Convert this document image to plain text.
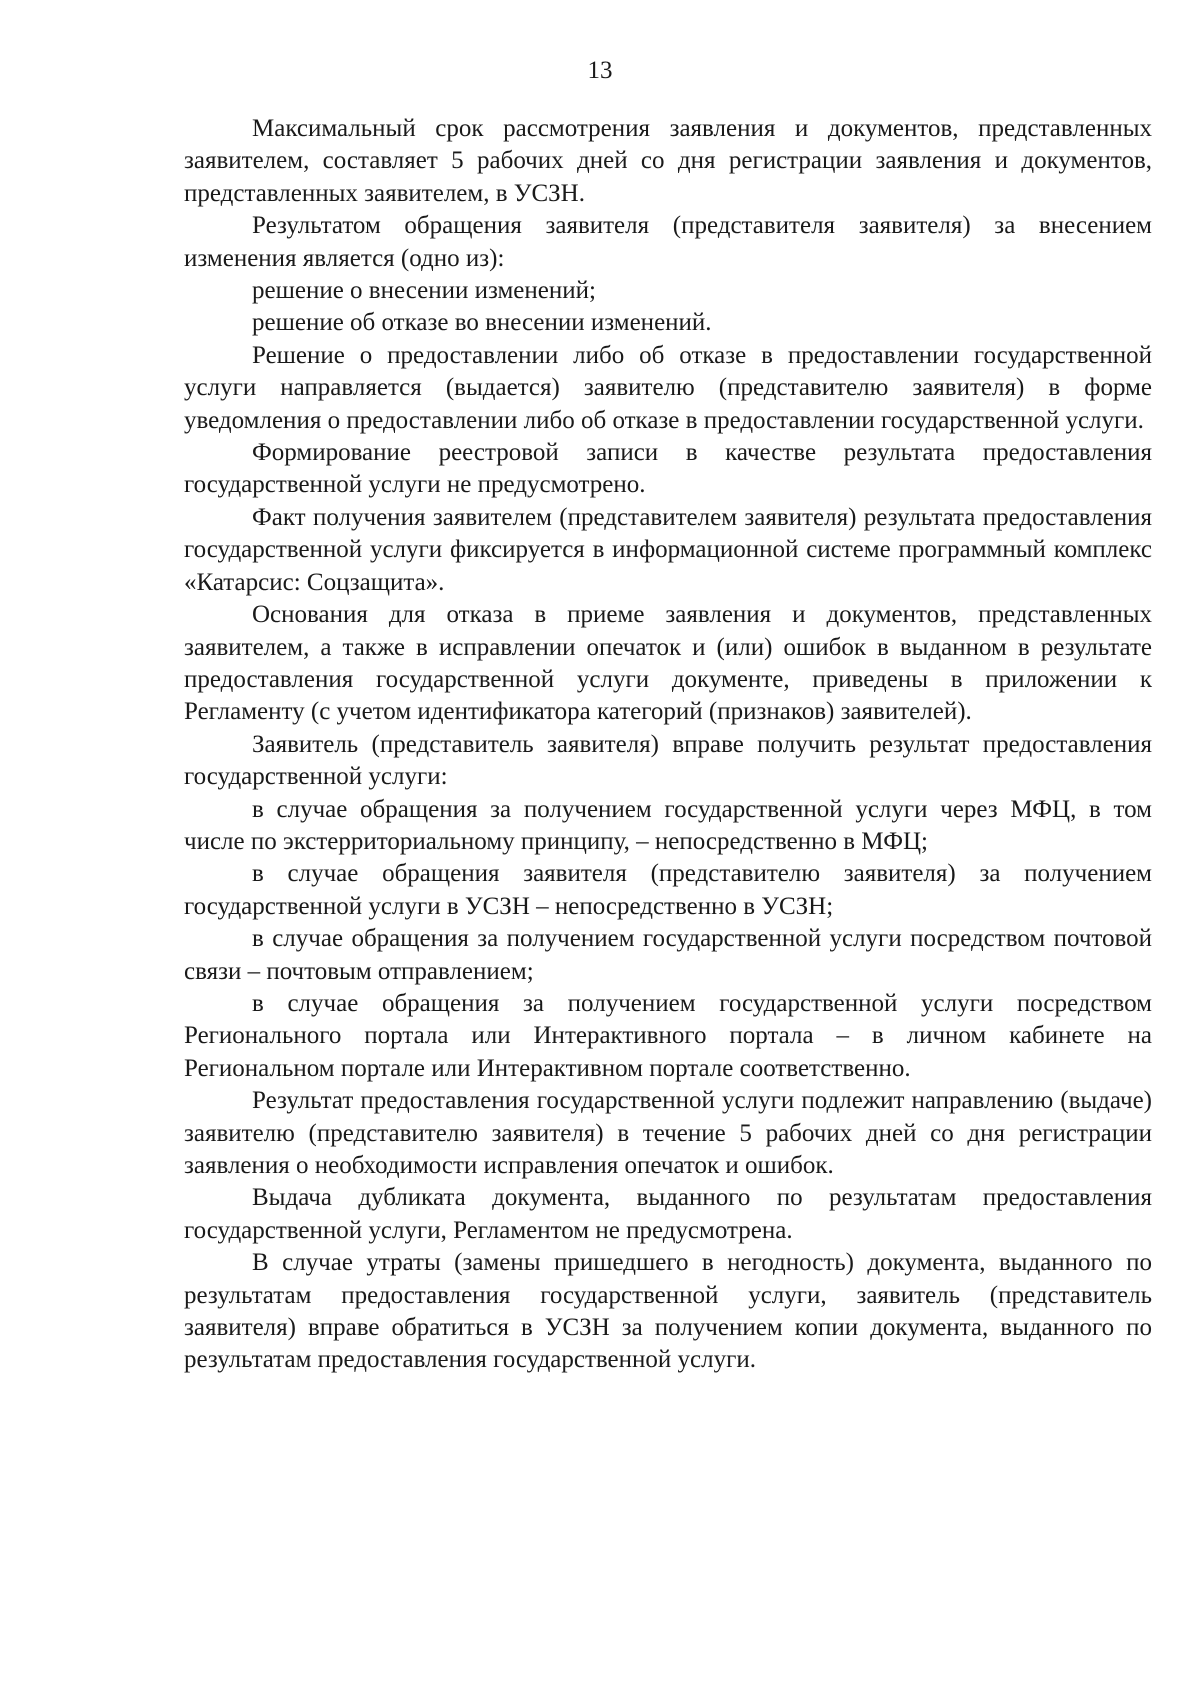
13

Максимальный срок рассмотрения заявления и документов, представленных заявителем, составляет 5 рабочих дней со дня регистрации заявления и документов, представленных заявителем, в УСЗН.

Результатом обращения заявителя (представителя заявителя) за внесением изменения является (одно из):

решение о внесении изменений;

решение об отказе во внесении изменений.

Решение о предоставлении либо об отказе в предоставлении государственной услуги направляется (выдается) заявителю (представителю заявителя) в форме уведомления о предоставлении либо об отказе в предоставлении государственной услуги.

Формирование реестровой записи в качестве результата предоставления государственной услуги не предусмотрено.

Факт получения заявителем (представителем заявителя) результата предоставления государственной услуги фиксируется в информационной системе программный комплекс «Катарсис: Соцзащита».

Основания для отказа в приеме заявления и документов, представленных заявителем, а также в исправлении опечаток и (или) ошибок в выданном в результате предоставления государственной услуги документе, приведены в приложении к Регламенту (с учетом идентификатора категорий (признаков) заявителей).

Заявитель (представитель заявителя) вправе получить результат предоставления государственной услуги:

в случае обращения за получением государственной услуги через МФЦ, в том числе по экстерриториальному принципу, – непосредственно в МФЦ;

в случае обращения заявителя (представителю заявителя) за получением государственной услуги в УСЗН – непосредственно в УСЗН;

в случае обращения за получением государственной услуги посредством почтовой связи – почтовым отправлением;

в случае обращения за получением государственной услуги посредством Регионального портала или Интерактивного портала – в личном кабинете на Региональном портале или Интерактивном портале соответственно.

Результат предоставления государственной услуги подлежит направлению (выдаче) заявителю (представителю заявителя) в течение 5 рабочих дней со дня регистрации заявления о необходимости исправления опечаток и ошибок.

Выдача дубликата документа, выданного по результатам предоставления государственной услуги, Регламентом не предусмотрена.

В случае утраты (замены пришедшего в негодность) документа, выданного по результатам предоставления государственной услуги, заявитель (представитель заявителя) вправе обратиться в УСЗН за получением копии документа, выданного по результатам предоставления государственной услуги.
